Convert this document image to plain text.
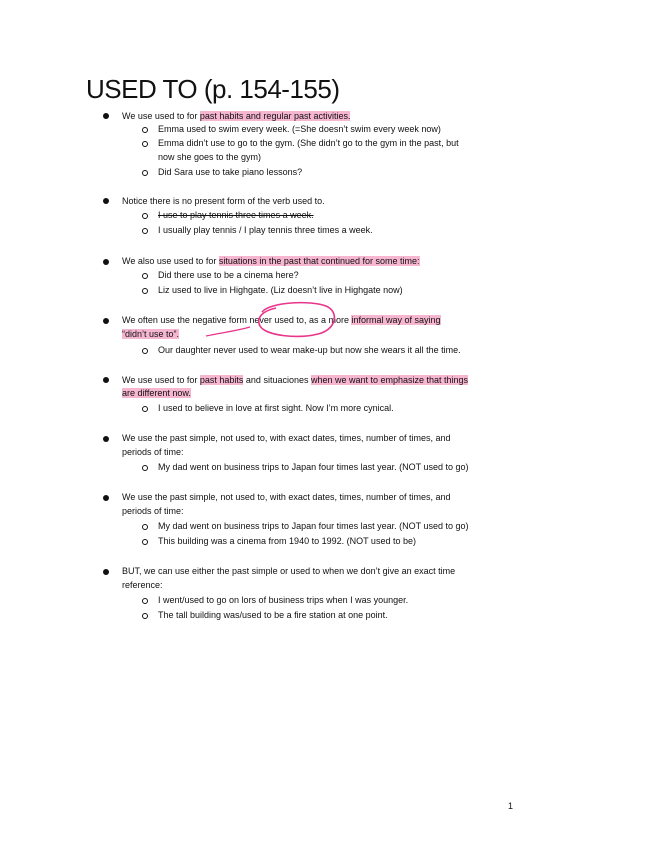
USED TO (p. 154-155)
We use used to for past habits and regular past activities.
Emma used to swim every week. (=She doesn’t swim every week now)
Emma didn’t use to go to the gym. (She didn’t go to the gym in the past, but
now she goes to the gym)
Did Sara use to take piano lessons?
Notice there is no present form of the verb used to.
I use to play tennis three times a week.
I usually play tennis / I play tennis three times a week.
We also use used to for situations in the past that continued for some time:
Did there use to be a cinema here?
Liz used to live in Highgate. (Liz doesn’t live in Highgate now)
We often use the negative form never used to, as a more informal way of saying
“didn’t use to”.
Our daughter never used to wear make-up but now she wears it all the time.
We use used to for past habits and situaciones when we want to emphasize that things
are different now.
I used to believe in love at first sight. Now I’m more cynical.
We use the past simple, not used to, with exact dates, times, number of times, and
periods of time:
My dad went on business trips to Japan four times last year. (NOT used to go)
We use the past simple, not used to, with exact dates, times, number of times, and
periods of time:
My dad went on business trips to Japan four times last year. (NOT used to go)
This building was a cinema from 1940 to 1992. (NOT used to be)
BUT, we can use either the past simple or used to when we don’t give an exact time
reference:
I went/used to go on lors of business trips when I was younger.
The tall building was/used to be a fire station at one point.
1
